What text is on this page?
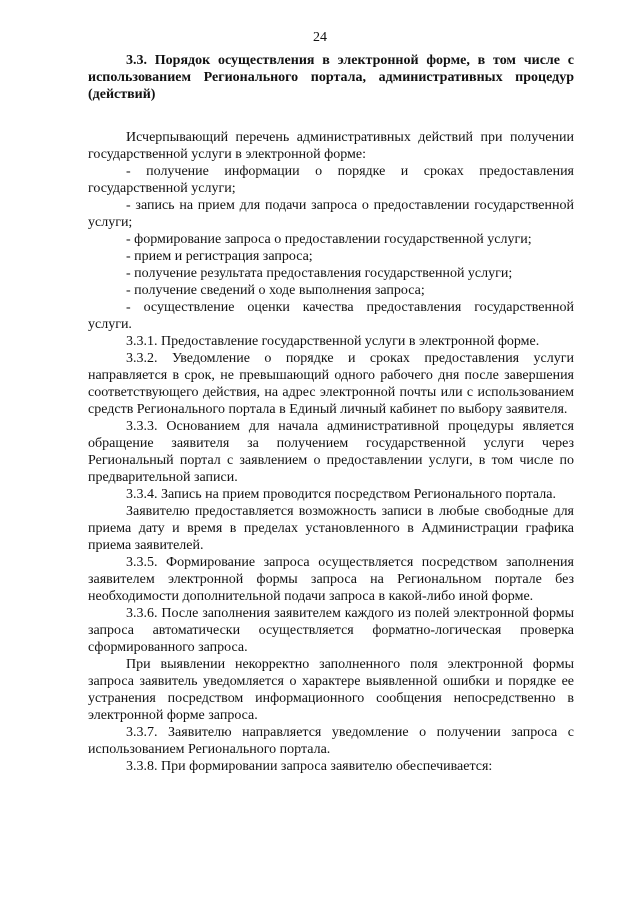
24
3.3. Порядок осуществления в электронной форме, в том числе с использованием Регионального портала, административных процедур (действий)

Исчерпывающий перечень административных действий при получении государственной услуги в электронной форме:

- получение информации о порядке и сроках предоставления государственной услуги;

- запись на прием для подачи запроса о предоставлении государственной услуги;

- формирование запроса о предоставлении государственной услуги;

- прием и регистрация запроса;

- получение результата предоставления государственной услуги;

- получение сведений о ходе выполнения запроса;

- осуществление оценки качества предоставления государственной услуги.

3.3.1. Предоставление государственной услуги в электронной форме.

3.3.2. Уведомление о порядке и сроках предоставления услуги направляется в срок, не превышающий одного рабочего дня после завершения соответствующего действия, на адрес электронной почты или с использованием средств Регионального портала в Единый личный кабинет по выбору заявителя.

3.3.3. Основанием для начала административной процедуры является обращение заявителя за получением государственной услуги через Региональный портал с заявлением о предоставлении услуги, в том числе по предварительной записи.

3.3.4. Запись на прием проводится посредством Регионального портала.

Заявителю предоставляется возможность записи в любые свободные для приема дату и время в пределах установленного в Администрации графика приема заявителей.

3.3.5. Формирование запроса осуществляется посредством заполнения заявителем электронной формы запроса на Региональном портале без необходимости дополнительной подачи запроса в какой-либо иной форме.

3.3.6. После заполнения заявителем каждого из полей электронной формы запроса автоматически осуществляется форматно-логическая проверка сформированного запроса.

При выявлении некорректно заполненного поля электронной формы запроса заявитель уведомляется о характере выявленной ошибки и порядке ее устранения посредством информационного сообщения непосредственно в электронной форме запроса.

3.3.7. Заявителю направляется уведомление о получении запроса с использованием Регионального портала.

3.3.8. При формировании запроса заявителю обеспечивается:
